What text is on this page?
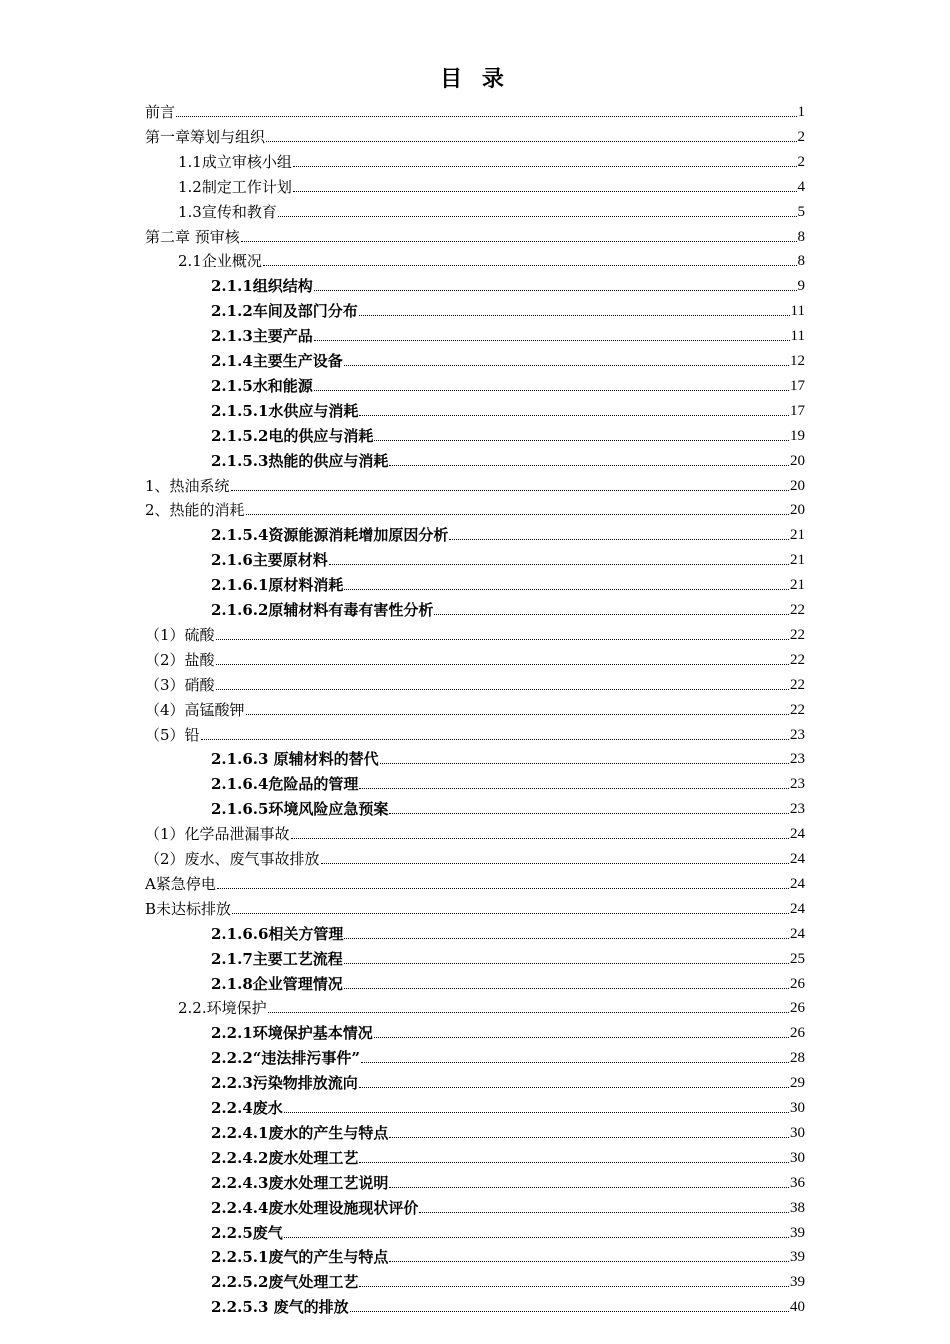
目 录
前言	1
第一章筹划与组织	2
1.1成立审核小组	2
1.2制定工作计划	4
1.3宣传和教育	5
第二章 预审核	8
2.1企业概况	8
2.1.1组织结构	9
2.1.2车间及部门分布	11
2.1.3主要产品	11
2.1.4主要生产设备	12
2.1.5水和能源	17
2.1.5.1水供应与消耗	17
2.1.5.2电的供应与消耗	19
2.1.5.3热能的供应与消耗	20
1、热油系统	20
2、热能的消耗	20
2.1.5.4资源能源消耗增加原因分析	21
2.1.6主要原材料	21
2.1.6.1原材料消耗	21
2.1.6.2原辅材料有毒有害性分析	22
（1）硫酸	22
（2）盐酸	22
（3）硝酸	22
（4）高锰酸钾	22
（5）铅	23
2.1.6.3 原辅材料的替代	23
2.1.6.4危险品的管理	23
2.1.6.5环境风险应急预案	23
（1）化学品泄漏事故	24
（2）废水、废气事故排放	24
A紧急停电	24
B未达标排放	24
2.1.6.6相关方管理	24
2.1.7主要工艺流程	25
2.1.8企业管理情况	26
2.2.环境保护	26
2.2.1环境保护基本情况	26
2.2.2“违法排污事件”	28
2.2.3污染物排放流向	29
2.2.4废水	30
2.2.4.1废水的产生与特点	30
2.2.4.2废水处理工艺	30
2.2.4.3废水处理工艺说明	36
2.2.4.4废水处理设施现状评价	38
2.2.5废气	39
2.2.5.1废气的产生与特点	39
2.2.5.2废气处理工艺	39
2.2.5.3 废气的排放	40
